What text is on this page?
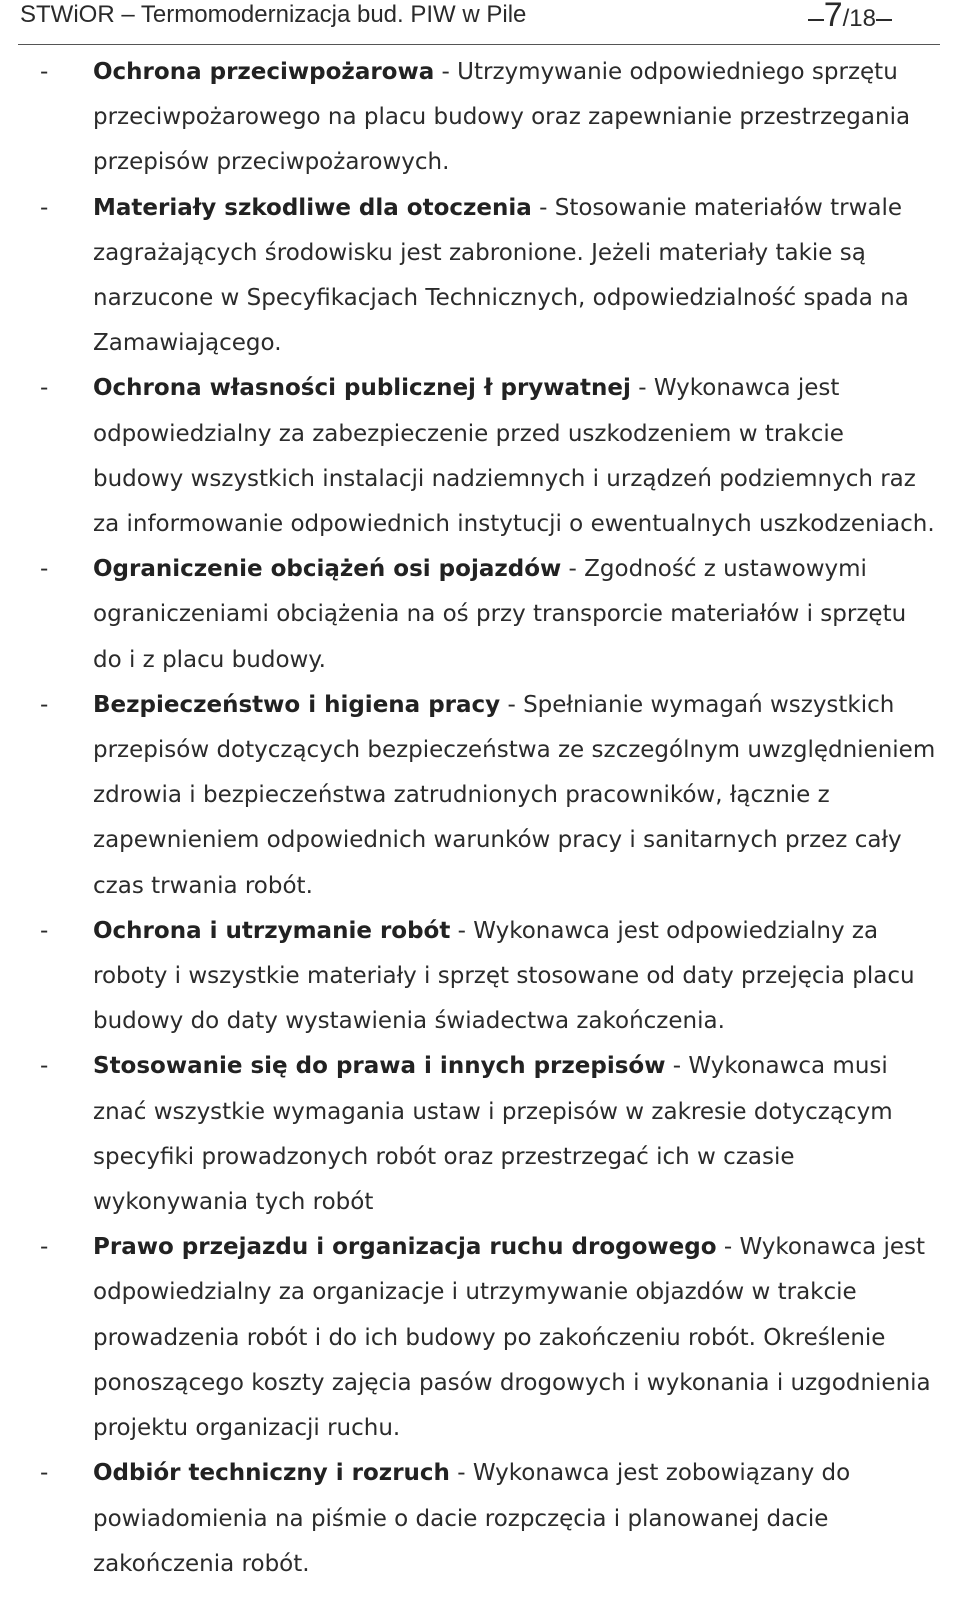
STWiOR – Termomodernizacja bud. PIW w Pile	7/18
- Ochrona przeciwpożarowa - Utrzymywanie odpowiedniego sprzętu przeciwpożarowego na placu budowy oraz zapewnianie przestrzegania przepisów przeciwpożarowych.
- Materiały szkodliwe dla otoczenia - Stosowanie materiałów trwale zagrażających środowisku jest zabronione. Jeżeli materiały takie są narzucone w Specyfikacjach Technicznych, odpowiedzialność spada na Zamawiającego.
- Ochrona własności publicznej ł prywatnej - Wykonawca jest odpowiedzialny za zabezpieczenie przed uszkodzeniem w trakcie budowy wszystkich instalacji nadziemnych i urządzeń podziemnych raz za informowanie odpowiednich instytucji o ewentualnych uszkodzeniach.
- Ograniczenie obciążeń osi pojazdów - Zgodność z ustawowymi ograniczeniami obciążenia na oś przy transporcie materiałów i sprzętu do i z placu budowy.
- Bezpieczeństwo i higiena pracy - Spełnianie wymagań wszystkich przepisów dotyczących bezpieczeństwa ze szczególnym uwzględnieniem zdrowia i bezpieczeństwa zatrudnionych pracowników, łącznie z zapewnieniem odpowiednich warunków pracy i sanitarnych przez cały czas trwania robót.
- Ochrona i utrzymanie robót - Wykonawca jest odpowiedzialny za roboty i wszystkie materiały i sprzęt stosowane od daty przejęcia placu budowy do daty wystawienia świadectwa zakończenia.
- Stosowanie się do prawa i innych przepisów - Wykonawca musi znać wszystkie wymagania ustaw i przepisów w zakresie dotyczącym specyfiki prowadzonych robót oraz przestrzegać ich w czasie wykonywania tych robót
- Prawo przejazdu i organizacja ruchu drogowego - Wykonawca jest odpowiedzialny za organizacje i utrzymywanie objazdów w trakcie prowadzenia robót i do ich budowy po zakończeniu robót. Określenie ponoszącego koszty zajęcia pasów drogowych i wykonania i uzgodnienia projektu organizacji ruchu.
- Odbiór techniczny i rozruch - Wykonawca jest zobowiązany do powiadomienia na piśmie o dacie rozpczęcia i planowanej dacie zakończenia robót.
